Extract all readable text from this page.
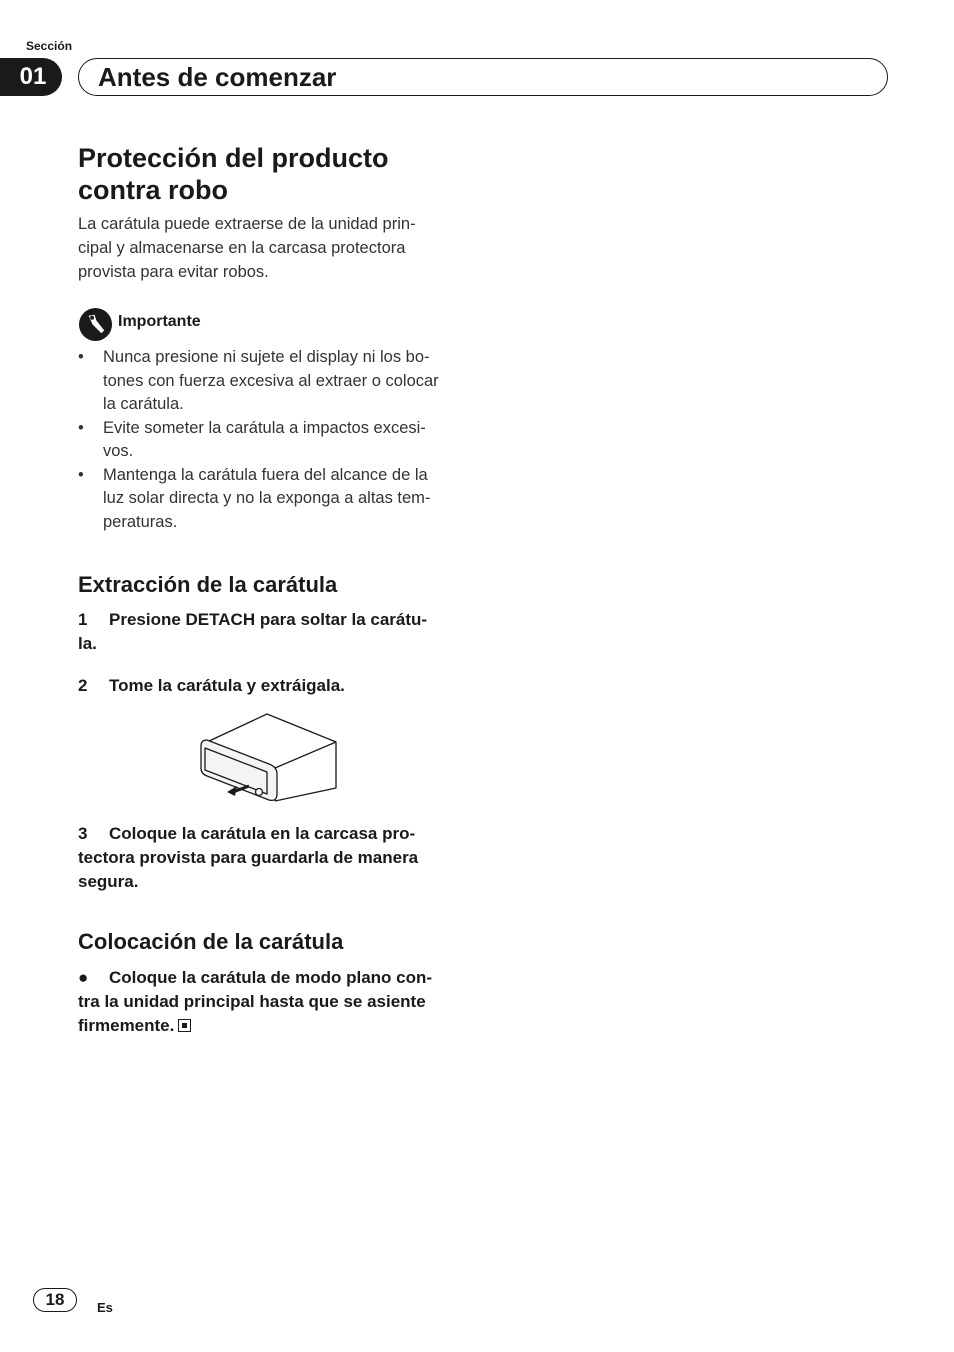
Sección
01	Antes de comenzar
Protección del producto
contra robo

La carátula puede extraerse de la unidad prin-
cipal y almacenarse en la carcasa protectora
provista para evitar robos.

Importante
• Nunca presione ni sujete el display ni los bo-
tones con fuerza excesiva al extraer o colocar
la carátula.
• Evite someter la carátula a impactos excesi-
vos.
• Mantenga la carátula fuera del alcance de la
luz solar directa y no la exponga a altas tem-
peraturas.
Extracción de la carátula

1 Presione DETACH para soltar la carátu-
la.

2 Tome la carátula y extráigala.

3 Coloque la carátula en la carcasa pro-
tectora provista para guardarla de manera
segura.

Colocación de la carátula

● Coloque la carátula de modo plano con-
tra la unidad principal hasta que se asiente
firmemente.

18	Es
